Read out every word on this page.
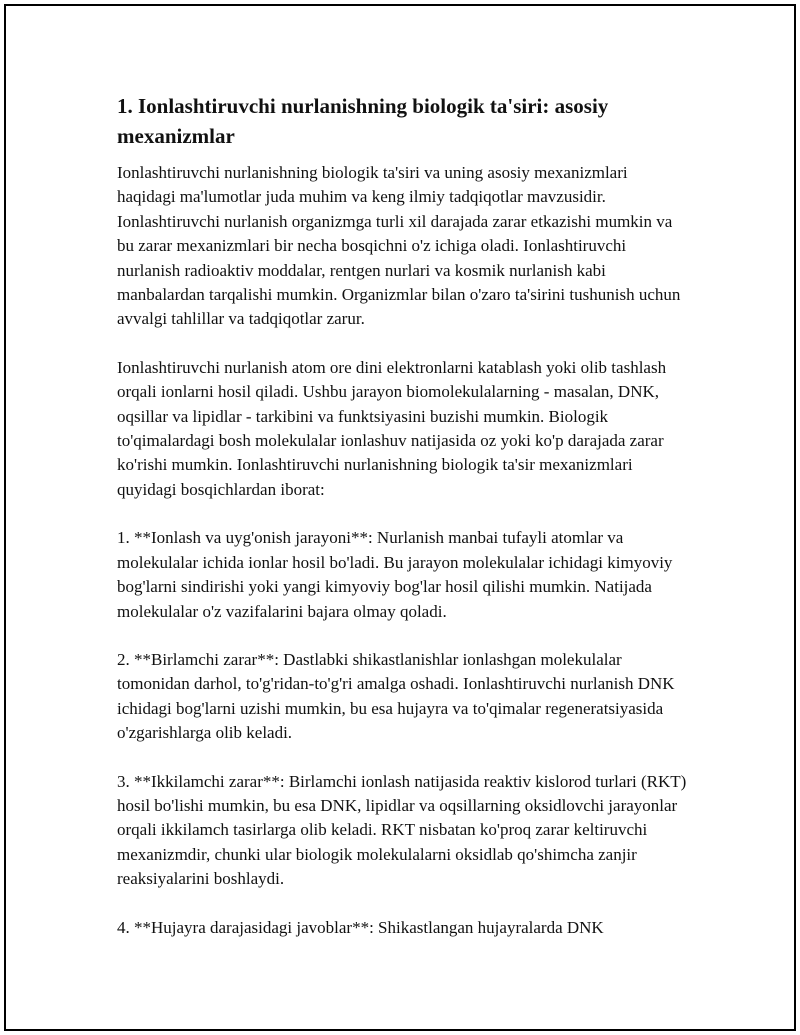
1. Ionlashtiruvchi nurlanishning biologik ta'siri: asosiy mexanizmlar

Ionlashtiruvchi nurlanishning biologik ta'siri va uning asosiy mexanizmlari haqidagi ma'lumotlar juda muhim va keng ilmiy tadqiqotlar mavzusidir. Ionlashtiruvchi nurlanish organizmga turli xil darajada zarar etkazishi mumkin va bu zarar mexanizmlari bir necha bosqichni o'z ichiga oladi. Ionlashtiruvchi nurlanish radioaktiv moddalar, rentgen nurlari va kosmik nurlanish kabi manbalardan tarqalishi mumkin. Organizmlar bilan o'zaro ta'sirini tushunish uchun avvalgi tahlillar va tadqiqotlar zarur.

Ionlashtiruvchi nurlanish atom ore dini elektronlarni katablash yoki olib tashlash orqali ionlarni hosil qiladi. Ushbu jarayon biomolekulalarning - masalan, DNK, oqsillar va lipidlar - tarkibini va funktsiyasini buzishi mumkin. Biologik to'qimalardagi bosh molekulalar ionlashuv natijasida oz yoki ko'p darajada zarar ko'rishi mumkin. Ionlashtiruvchi nurlanishning biologik ta'sir mexanizmlari quyidagi bosqichlardan iborat:

1. **Ionlash va uyg'onish jarayoni**: Nurlanish manbai tufayli atomlar va molekulalar ichida ionlar hosil bo'ladi. Bu jarayon molekulalar ichidagi kimyoviy bog'larni sindirishi yoki yangi kimyoviy bog'lar hosil qilishi mumkin. Natijada molekulalar o'z vazifalarini bajara olmay qoladi.

2. **Birlamchi zarar**: Dastlabki shikastlanishlar ionlashgan molekulalar tomonidan darhol, to'g'ridan-to'g'ri amalga oshadi. Ionlashtiruvchi nurlanish DNK ichidagi bog'larni uzishi mumkin, bu esa hujayra va to'qimalar regeneratsiyasida o'zgarishlarga olib keladi.

3. **Ikkilamchi zarar**: Birlamchi ionlash natijasida reaktiv kislorod turlari (RKT) hosil bo'lishi mumkin, bu esa DNK, lipidlar va oqsillarning oksidlovchi jarayonlar orqali ikkilamch tasirlarga olib keladi. RKT nisbatan ko'proq zarar keltiruvchi mexanizmdir, chunki ular biologik molekulalarni oksidlab qo'shimcha zanjir reaksiyalarini boshlaydi.

4. **Hujayra darajasidagi javoblar**: Shikastlangan hujayralarda DNK
